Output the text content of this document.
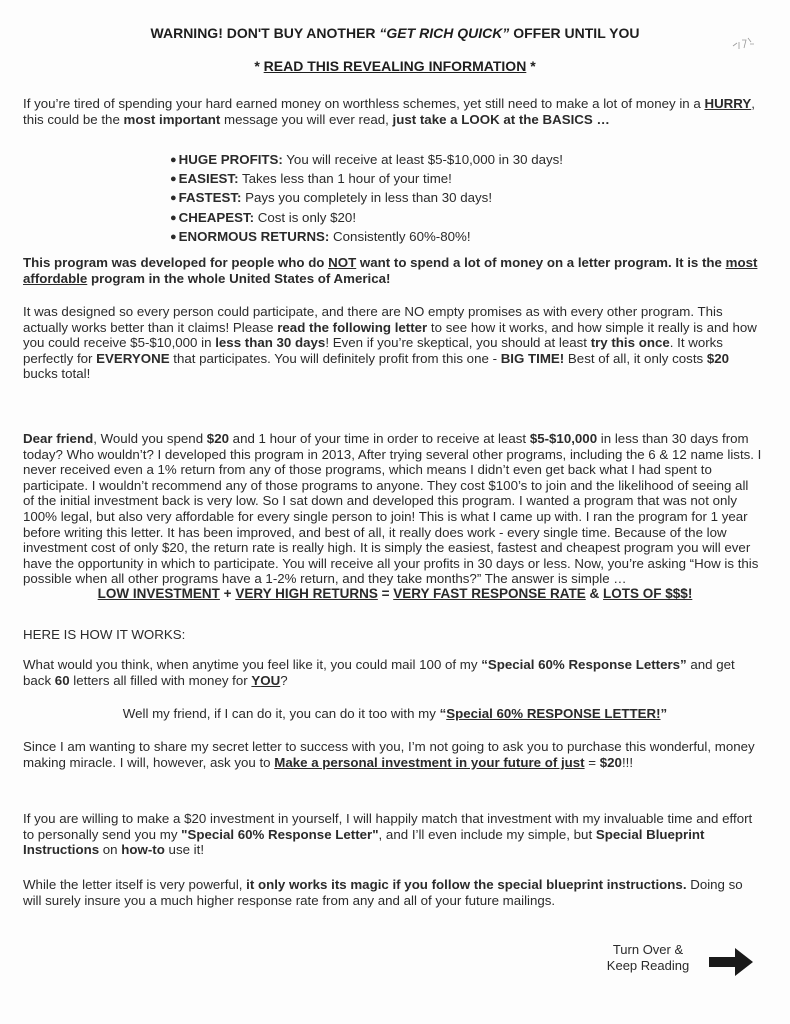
WARNING! DON'T BUY ANOTHER “GET RICH QUICK” OFFER UNTIL YOU
* READ THIS REVEALING INFORMATION *
If you’re tired of spending your hard earned money on worthless schemes, yet still need to make a lot of money in a HURRY, this could be the most important message you will ever read, just take a LOOK at the BASICS …
● HUGE PROFITS: You will receive at least $5-$10,000 in 30 days!
● EASIEST: Takes less than 1 hour of your time!
● FASTEST: Pays you completely in less than 30 days!
● CHEAPEST: Cost is only $20!
● ENORMOUS RETURNS: Consistently 60%-80%!
This program was developed for people who do NOT want to spend a lot of money on a letter program. It is the most affordable program in the whole United States of America!
It was designed so every person could participate, and there are NO empty promises as with every other program. This actually works better than it claims! Please read the following letter to see how it works, and how simple it really is and how you could receive $5-$10,000 in less than 30 days! Even if you’re skeptical, you should at least try this once. It works perfectly for EVERYONE that participates. You will definitely profit from this one - BIG TIME! Best of all, it only costs $20 bucks total!
Dear friend, Would you spend $20 and 1 hour of your time in order to receive at least $5-$10,000 in less than 30 days from today? Who wouldn’t? I developed this program in 2013, After trying several other programs, including the 6 & 12 name lists. I never received even a 1% return from any of those programs, which means I didn’t even get back what I had spent to participate. I wouldn’t recommend any of those programs to anyone. They cost $100’s to join and the likelihood of seeing all of the initial investment back is very low. So I sat down and developed this program. I wanted a program that was not only 100% legal, but also very affordable for every single person to join! This is what I came up with. I ran the program for 1 year before writing this letter. It has been improved, and best of all, it really does work - every single time. Because of the low investment cost of only $20, the return rate is really high. It is simply the easiest, fastest and cheapest program you will ever have the opportunity in which to participate. You will receive all your profits in 30 days or less. Now, you’re asking “How is this possible when all other programs have a 1-2% return, and they take months?” The answer is simple …
LOW INVESTMENT + VERY HIGH RETURNS = VERY FAST RESPONSE RATE & LOTS OF $$$!
HERE IS HOW IT WORKS:
What would you think, when anytime you feel like it, you could mail 100 of my “Special 60% Response Letters” and get back 60 letters all filled with money for YOU?
Well my friend, if I can do it, you can do it too with my “Special 60% RESPONSE LETTER!”
Since I am wanting to share my secret letter to success with you, I’m not going to ask you to purchase this wonderful, money making miracle. I will, however, ask you to Make a personal investment in your future of just = $20!!!
If you are willing to make a $20 investment in yourself, I will happily match that investment with my invaluable time and effort to personally send you my "Special 60% Response Letter", and I’ll even include my simple, but Special Blueprint Instructions on how-to use it!
While the letter itself is very powerful, it only works its magic if you follow the special blueprint instructions. Doing so will surely insure you a much higher response rate from any and all of your future mailings.
Turn Over &
Keep Reading
